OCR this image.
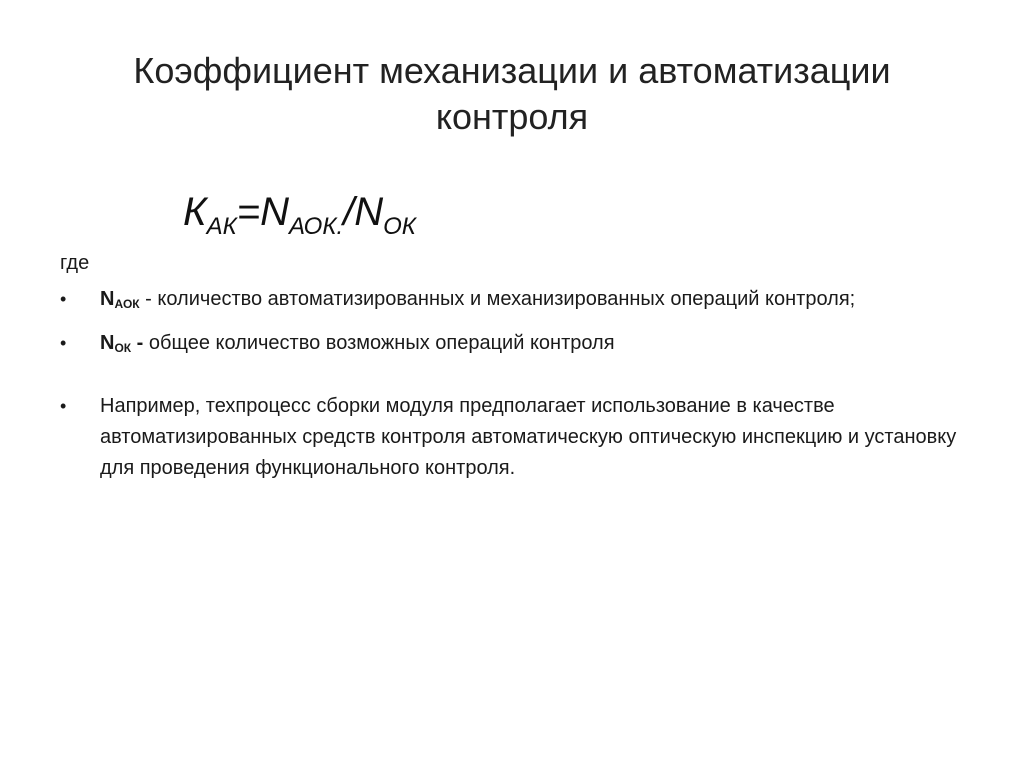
Коэффициент механизации и автоматизации
контроля
$К_{АК}=N_{АОК.}/N_{ОК}$
где
• $N_{АОК}$ - количество автоматизированных и механизированных операций контроля;
• $N_{ОК}$ - общее количество возможных операций контроля
• Например, техпроцесс сборки модуля предполагает использование в качестве автоматизированных средств контроля автоматическую оптическую инспекцию и установку для проведения функционального контроля.
